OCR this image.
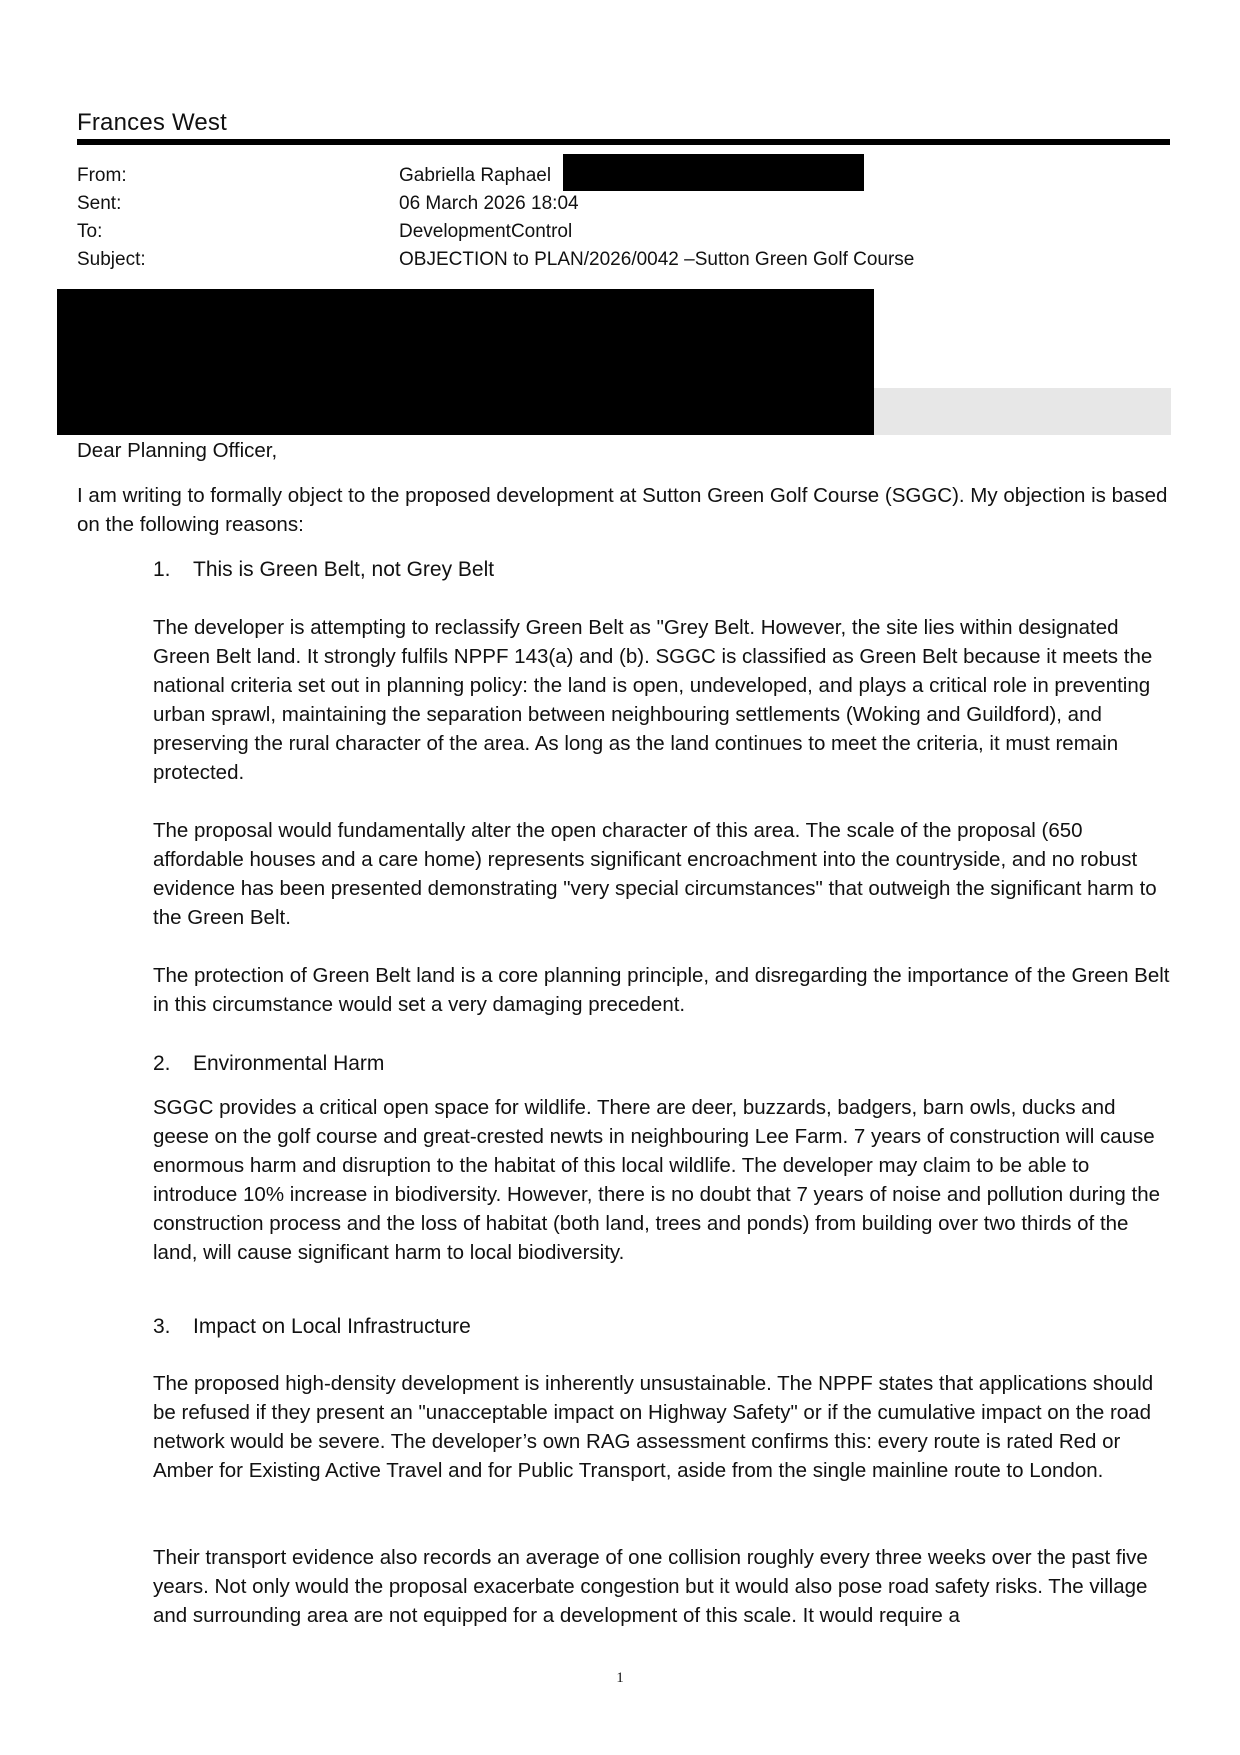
Frances West
From:	Gabriella Raphael
Sent:	06 March 2026 18:04
To:	DevelopmentControl
Subject:	OBJECTION to PLAN/2026/0042 –Sutton Green Golf Course
Dear Planning Officer,
I am writing to formally object to the proposed development at Sutton Green Golf Course (SGGC). My objection is based on the following reasons:
1. This is Green Belt, not Grey Belt

The developer is attempting to reclassify Green Belt as "Grey Belt. However, the site lies within designated Green Belt land. It strongly fulfils NPPF 143(a) and (b). SGGC is classified as Green Belt because it meets the national criteria set out in planning policy: the land is open, undeveloped, and plays a critical role in preventing urban sprawl, maintaining the separation between neighbouring settlements (Woking and Guildford), and preserving the rural character of the area. As long as the land continues to meet the criteria, it must remain protected.

The proposal would fundamentally alter the open character of this area. The scale of the proposal (650 affordable houses and a care home) represents significant encroachment into the countryside, and no robust evidence has been presented demonstrating "very special circumstances" that outweigh the significant harm to the Green Belt.

The protection of Green Belt land is a core planning principle, and disregarding the importance of the Green Belt in this circumstance would set a very damaging precedent.

2. Environmental Harm

SGGC provides a critical open space for wildlife. There are deer, buzzards, badgers, barn owls, ducks and geese on the golf course and great-crested newts in neighbouring Lee Farm. 7 years of construction will cause enormous harm and disruption to the habitat of this local wildlife. The developer may claim to be able to introduce 10% increase in biodiversity. However, there is no doubt that 7 years of noise and pollution during the construction process and the loss of habitat (both land, trees and ponds) from building over two thirds of the land, will cause significant harm to local biodiversity.

3. Impact on Local Infrastructure

The proposed high-density development is inherently unsustainable. The NPPF states that applications should be refused if they present an "unacceptable impact on Highway Safety" or if the cumulative impact on the road network would be severe. The developer’s own RAG assessment confirms this: every route is rated Red or Amber for Existing Active Travel and for Public Transport, aside from the single mainline route to London.

Their transport evidence also records an average of one collision roughly every three weeks over the past five years. Not only would the proposal exacerbate congestion but it would also pose road safety risks. The village and surrounding area are not equipped for a development of this scale. It would require a

1
